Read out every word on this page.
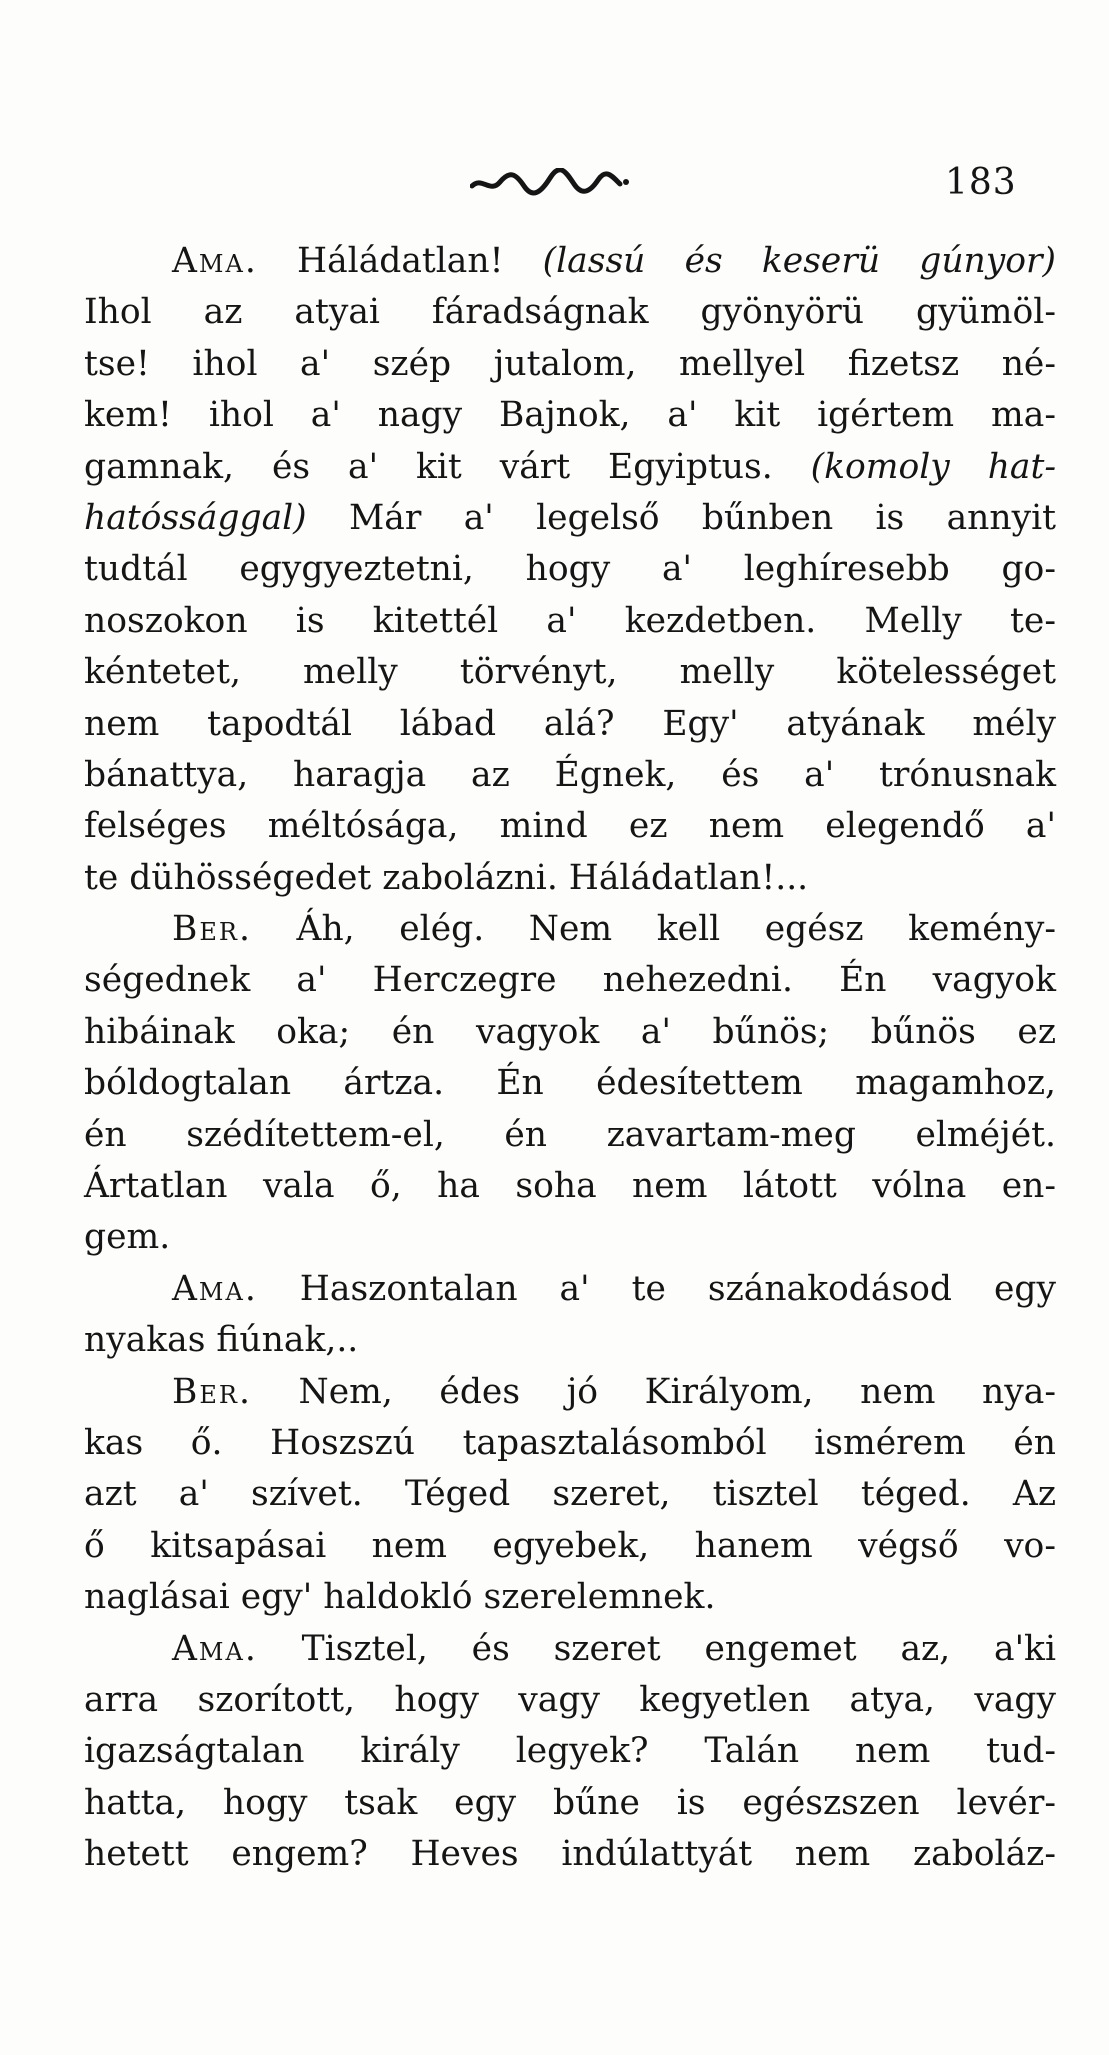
183
Ama. Háládatlan! (lassú és keserü gúnyor)
Ihol az atyai fáradságnak gyönyörü gyümöl-
tse! ihol a' szép jutalom, mellyel fizetsz né-
kem! ihol a' nagy Bajnok, a' kit igértem ma-
gamnak, és a' kit várt Egyiptus. (komoly hat-
hatóssággal) Már a' legelső bűnben is annyit
tudtál egygyeztetni, hogy a' leghíresebb go-
noszokon is kitettél a' kezdetben. Melly te-
kéntetet, melly törvényt, melly kötelességet
nem tapodtál lábad alá? Egy' atyának mély
bánattya, haragja az Égnek, és a' trónusnak
felséges méltósága, mind ez nem elegendő a'
te dühösségedet zabolázni. Háládatlan!...
Ber. Áh, elég. Nem kell egész kemény-
ségednek a' Herczegre nehezedni. Én vagyok
hibáinak oka; én vagyok a' bűnös; bűnös ez
bóldogtalan ártza. Én édesítettem magamhoz,
én szédítettem-el, én zavartam-meg elméjét.
Ártatlan vala ő, ha soha nem látott vólna en-
gem.
Ama. Haszontalan a' te szánakodásod egy
nyakas fiúnak,..
Ber. Nem, édes jó Királyom, nem nya-
kas ő. Hoszszú tapasztalásomból ismérem én
azt a' szívet. Téged szeret, tisztel téged. Az
ő kitsapásai nem egyebek, hanem végső vo-
naglásai egy' haldokló szerelemnek.
Ama. Tisztel, és szeret engemet az, a'ki
arra szorított, hogy vagy kegyetlen atya, vagy
igazságtalan király legyek? Talán nem tud-
hatta, hogy tsak egy bűne is egészszen levér-
hetett engem? Heves indúlattyát nem zaboláz-
